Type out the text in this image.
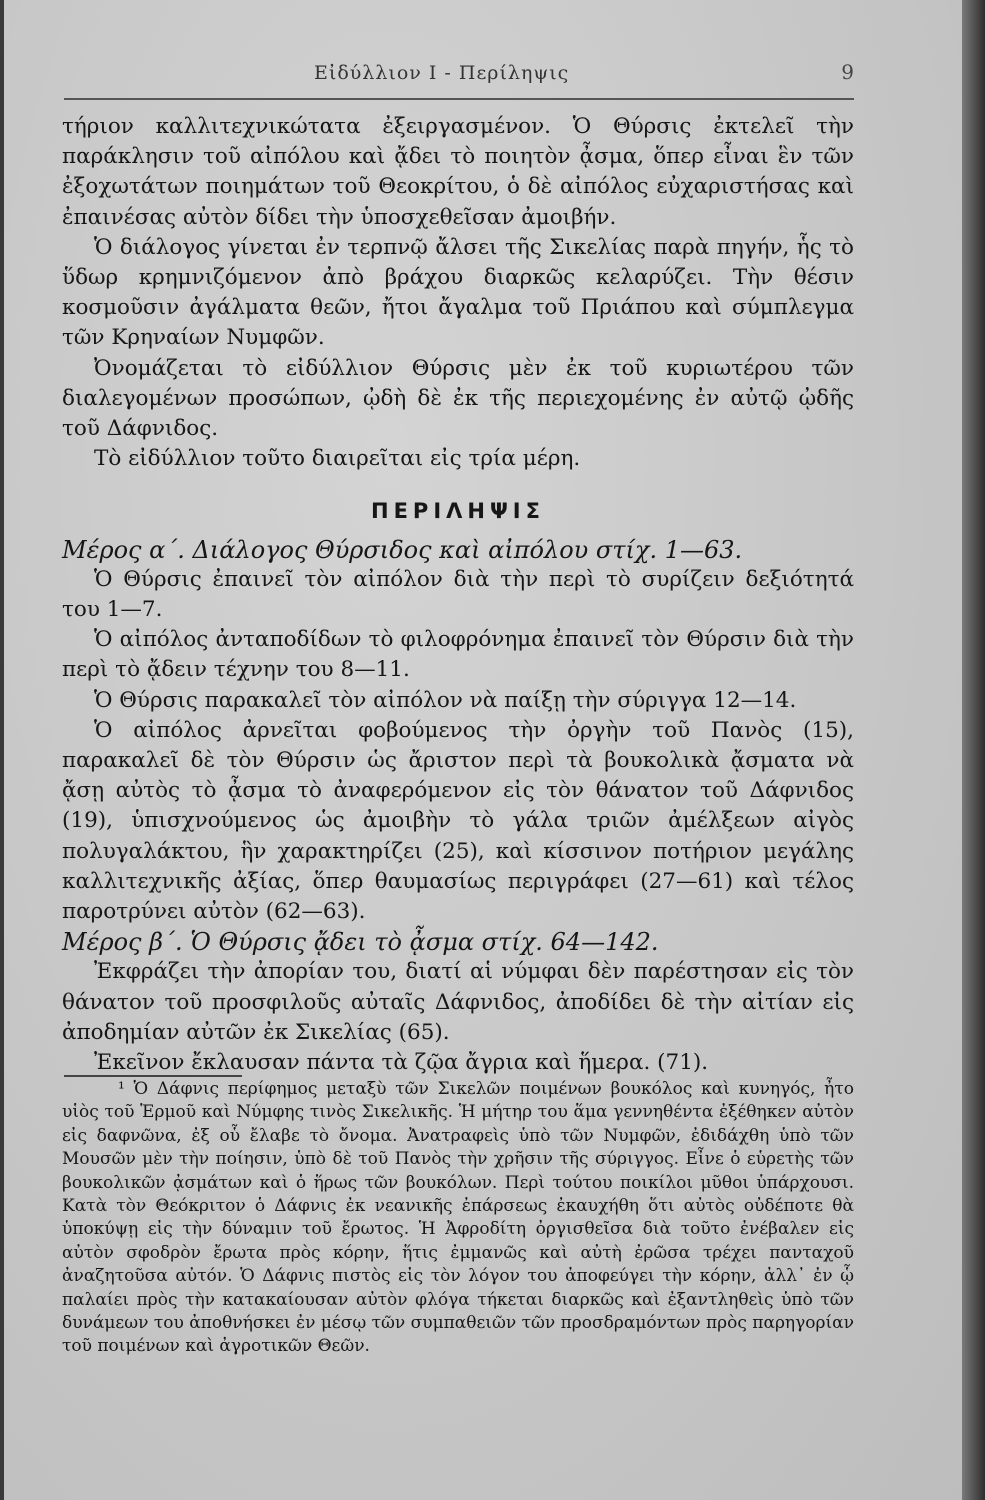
Εἰδύλλιον Ι - Περίληψις	9

τήριον καλλιτεχνικώτατα ἐξειργασμένον. Ὁ Θύρσις ἐκτελεῖ τὴν παράκλησιν τοῦ αἰπόλου καὶ ᾄδει τὸ ποιητὸν ᾆσμα, ὅπερ εἶναι ἓν τῶν ἐξοχωτάτων ποιημάτων τοῦ Θεοκρίτου, ὁ δὲ αἰπόλος εὐχαριστήσας καὶ ἐπαινέσας αὐτὸν δίδει τὴν ὑποσχεθεῖσαν ἀμοιβήν.

Ὁ διάλογος γίνεται ἐν τερπνῷ ἄλσει τῆς Σικελίας παρὰ πηγήν, ἧς τὸ ὕδωρ κρημνιζόμενον ἀπὸ βράχου διαρκῶς κελαρύζει. Τὴν θέσιν κοσμοῦσιν ἀγάλματα θεῶν, ἤτοι ἄγαλμα τοῦ Πριάπου καὶ σύμπλεγμα τῶν Κρηναίων Νυμφῶν.

Ὀνομάζεται τὸ εἰδύλλιον Θύρσις μὲν ἐκ τοῦ κυριωτέρου τῶν διαλεγομένων προσώπων, ᾠδὴ δὲ ἐκ τῆς περιεχομένης ἐν αὐτῷ ᾠδῆς τοῦ Δάφνιδος.

Τὸ εἰδύλλιον τοῦτο διαιρεῖται εἰς τρία μέρη.

ΠΕΡΙΛΗΨΙΣ

Μέρος α΄. Διάλογος Θύρσιδος καὶ αἰπόλου στίχ. 1—63.

Ὁ Θύρσις ἐπαινεῖ τὸν αἰπόλον διὰ τὴν περὶ τὸ συρίζειν δεξιότητά του 1—7.

Ὁ αἰπόλος ἀνταποδίδων τὸ φιλοφρόνημα ἐπαινεῖ τὸν Θύρσιν διὰ τὴν περὶ τὸ ᾄδειν τέχνην του 8—11.

Ὁ Θύρσις παρακαλεῖ τὸν αἰπόλον νὰ παίξῃ τὴν σύριγγα 12—14.

Ὁ αἰπόλος ἀρνεῖται φοβούμενος τὴν ὀργὴν τοῦ Πανὸς (15), παρακαλεῖ δὲ τὸν Θύρσιν ὡς ἄριστον περὶ τὰ βουκολικὰ ᾄσματα νὰ ᾄσῃ αὐτὸς τὸ ᾆσμα τὸ ἀναφερόμενον εἰς τὸν θάνατον τοῦ Δάφνιδος (19), ὑπισχνούμενος ὡς ἀμοιβὴν τὸ γάλα τριῶν ἀμέλξεων αἰγὸς πολυγαλάκτου, ἣν χαρακτηρίζει (25), καὶ κίσσινον ποτήριον μεγάλης καλλιτεχνικῆς ἀξίας, ὅπερ θαυμασίως περιγράφει (27—61) καὶ τέλος παροτρύνει αὐτὸν (62—63).

Μέρος β΄. Ὁ Θύρσις ᾄδει τὸ ᾆσμα στίχ. 64—142.

Ἐκφράζει τὴν ἀπορίαν του, διατί αἱ νύμφαι δὲν παρέστησαν εἰς τὸν θάνατον τοῦ προσφιλοῦς αὐταῖς Δάφνιδος, ἀποδίδει δὲ τὴν αἰτίαν εἰς ἀποδημίαν αὐτῶν ἐκ Σικελίας (65).

Ἐκεῖνον ἔκλαυσαν πάντα τὰ ζῷα ἄγρια καὶ ἥμερα. (71).

¹ Ὁ Δάφνις περίφημος μεταξὺ τῶν Σικελῶν ποιμένων βουκόλος καὶ κυνηγός, ἦτο υἱὸς τοῦ Ἑρμοῦ καὶ Νύμφης τινὸς Σικελικῆς. Ἡ μήτηρ του ἅμα γεννηθέντα ἐξέθηκεν αὐτὸν εἰς δαφνῶνα, ἐξ οὗ ἔλαβε τὸ ὄνομα. Ἀνατραφεὶς ὑπὸ τῶν Νυμφῶν, ἐδιδάχθη ὑπὸ τῶν Μουσῶν μὲν τὴν ποίησιν, ὑπὸ δὲ τοῦ Πανὸς τὴν χρῆσιν τῆς σύριγγος. Εἶνε ὁ εὑρετὴς τῶν βουκολικῶν ᾀσμάτων καὶ ὁ ἥρως τῶν βουκόλων. Περὶ τούτου ποικίλοι μῦθοι ὑπάρχουσι. Κατὰ τὸν Θεόκριτον ὁ Δάφνις ἐκ νεανικῆς ἐπάρσεως ἐκαυχήθη ὅτι αὐτὸς οὐδέποτε θὰ ὑποκύψῃ εἰς τὴν δύναμιν τοῦ ἔρωτος. Ἡ Ἀφροδίτη ὀργισθεῖσα διὰ τοῦτο ἐνέβαλεν εἰς αὐτὸν σφοδρὸν ἔρωτα πρὸς κόρην, ἥτις ἐμμανῶς καὶ αὐτὴ ἐρῶσα τρέχει πανταχοῦ ἀναζητοῦσα αὐτόν. Ὁ Δάφνις πιστὸς εἰς τὸν λόγον του ἀποφεύγει τὴν κόρην, ἀλλ᾽ ἐν ᾧ παλαίει πρὸς τὴν κατακαίουσαν αὐτὸν φλόγα τήκεται διαρκῶς καὶ ἐξαντληθεὶς ὑπὸ τῶν δυνάμεων του ἀποθνήσκει ἐν μέσῳ τῶν συμπαθειῶν τῶν προσδραμόντων πρὸς παρηγορίαν τοῦ ποιμένων καὶ ἀγροτικῶν Θεῶν.
